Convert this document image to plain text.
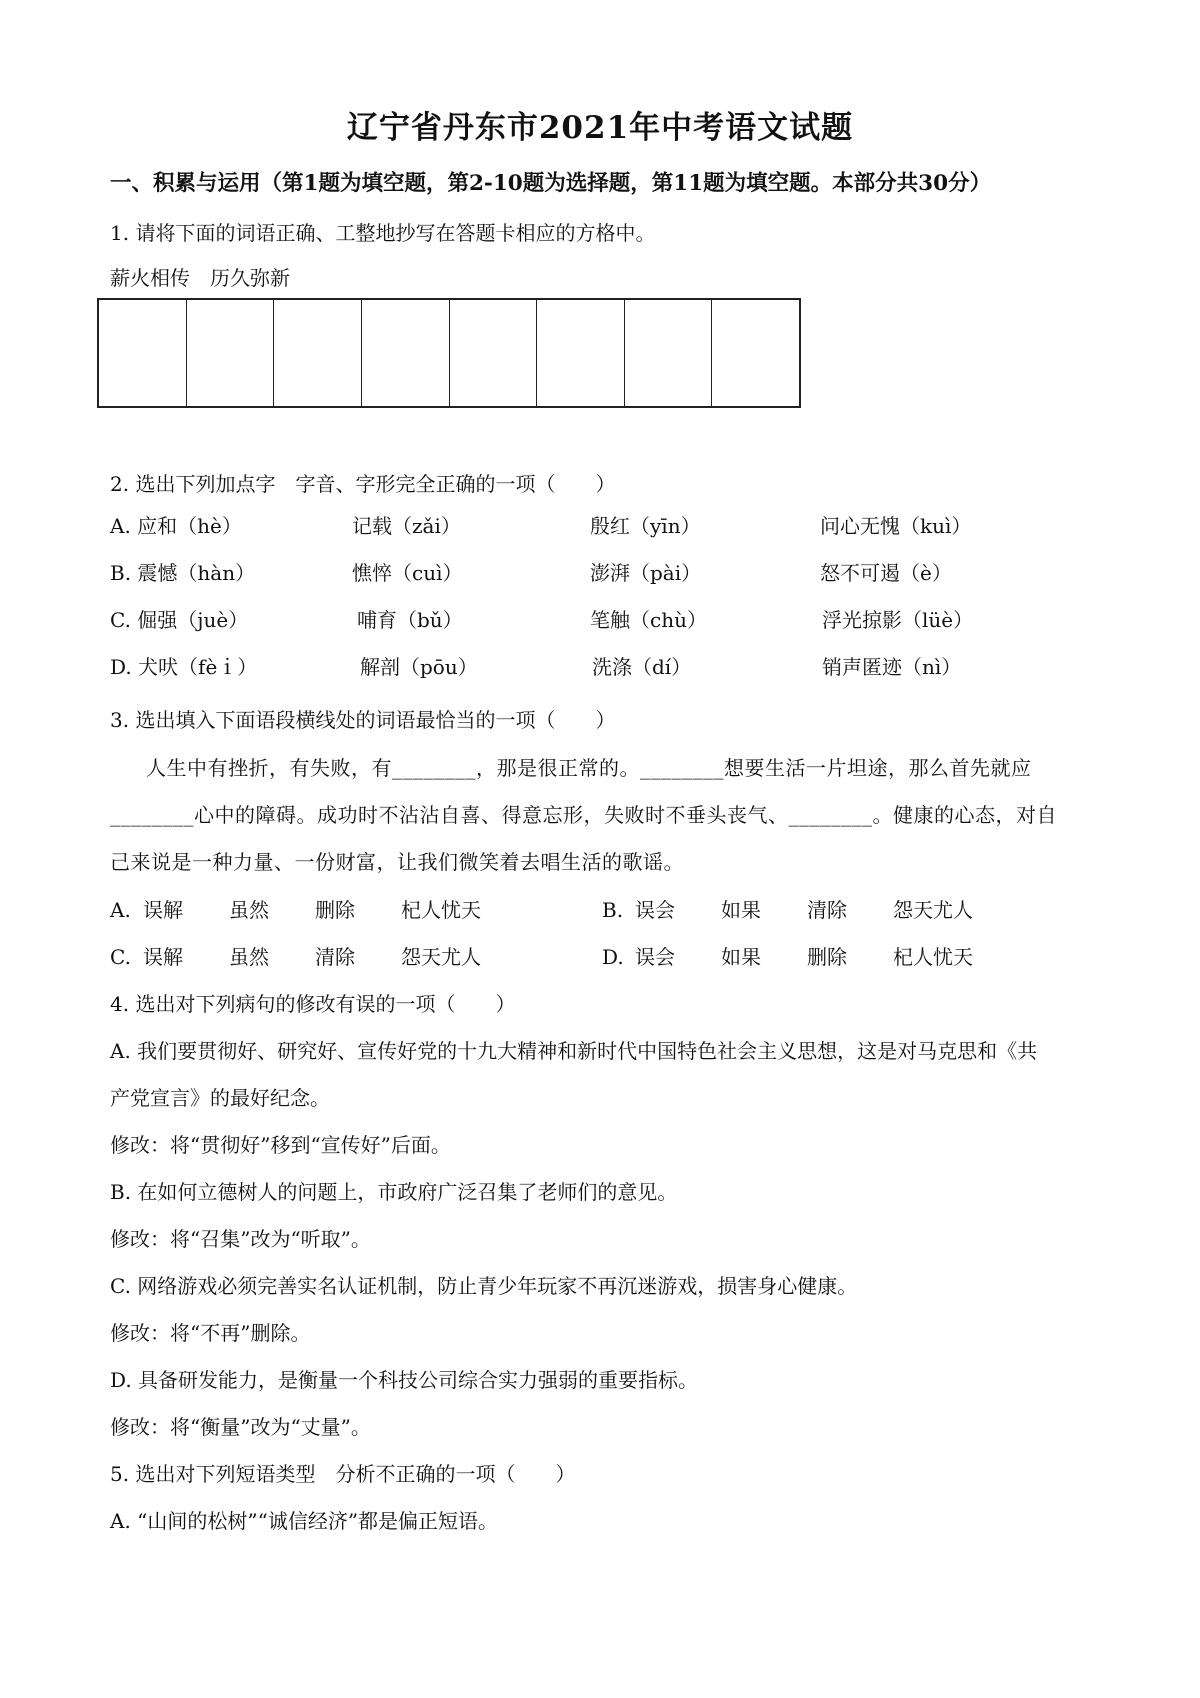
辽宁省丹东市2021年中考语文试题
一、积累与运用（第1题为填空题，第2-10题为选择题，第11题为填空题。本部分共30分）
1. 请将下面的词语正确、工整地抄写在答题卡相应的方格中。
薪火相传　历久弥新
2. 选出下列加点字　字音、字形完全正确的一项（　　）
A. 应和（hè）	记载（zǎi）	殷红（yīn）	问心无愧（kuì）
B. 震憾（hàn）	憔悴（cuì）	澎湃（pài）	怒不可遏（è）
C. 倔强（juè）	哺育（bǔ）	笔触（chù）	浮光掠影（lüè）
D. 犬吠（fèｉ）	解剖（pōu）	洗涤（dí）	销声匿迹（nì）
3. 选出填入下面语段横线处的词语最恰当的一项（　　）
人生中有挫折，有失败，有________，那是很正常的。________想要生活一片坦途，那么首先就应
________心中的障碍。成功时不沾沾自喜、得意忘形，失败时不垂头丧气、________。健康的心态，对自
己来说是一种力量、一份财富，让我们微笑着去唱生活的歌谣。
A. 误解 虽然 删除 杞人忧天	B. 误会 如果 清除 怨天尤人
C. 误解 虽然 清除 怨天尤人	D. 误会 如果 删除 杞人忧天
4. 选出对下列病句的修改有误的一项（　　）
A. 我们要贯彻好、研究好、宣传好党的十九大精神和新时代中国特色社会主义思想，这是对马克思和《共
产党宣言》的最好纪念。
修改：将“贯彻好”移到“宣传好”后面。
B. 在如何立德树人的问题上，市政府广泛召集了老师们的意见。
修改：将“召集”改为“听取”。
C. 网络游戏必须完善实名认证机制，防止青少年玩家不再沉迷游戏，损害身心健康。
修改：将“不再”删除。
D. 具备研发能力，是衡量一个科技公司综合实力强弱的重要指标。
修改：将“衡量”改为“丈量”。
5. 选出对下列短语类型　分析不正确的一项（　　）
A. “山间的松树”“诚信经济”都是偏正短语。
